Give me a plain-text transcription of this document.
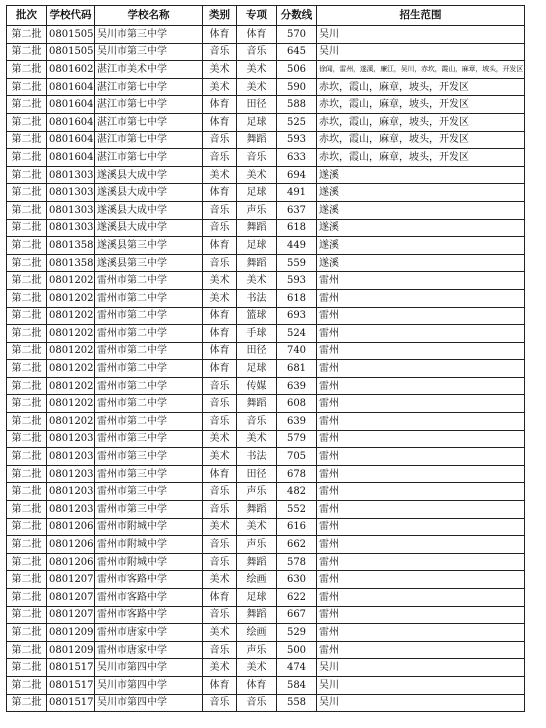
批次	学校代码	学校名称	类别	专项	分数线	招生范围
第二批	0801505	吴川市第三中学	体育	体育	570	吴川
第二批	0801505	吴川市第三中学	音乐	音乐	645	吴川
第二批	0801602	湛江市美术中学	美术	美术	506	徐闻，雷州，遂溪，廉江，吴川，赤坎，霞山，麻章，坡头，开发区
第二批	0801604	湛江市第七中学	美术	美术	590	赤坎，霞山，麻章，坡头，开发区
第二批	0801604	湛江市第七中学	体育	田径	588	赤坎，霞山，麻章，坡头，开发区
第二批	0801604	湛江市第七中学	体育	足球	525	赤坎，霞山，麻章，坡头，开发区
第二批	0801604	湛江市第七中学	音乐	舞蹈	593	赤坎，霞山，麻章，坡头，开发区
第二批	0801604	湛江市第七中学	音乐	音乐	633	赤坎，霞山，麻章，坡头，开发区
第二批	0801303	遂溪县大成中学	美术	美术	694	遂溪
第二批	0801303	遂溪县大成中学	体育	足球	491	遂溪
第二批	0801303	遂溪县大成中学	音乐	声乐	637	遂溪
第二批	0801303	遂溪县大成中学	音乐	舞蹈	618	遂溪
第二批	0801358	遂溪县第三中学	体育	足球	449	遂溪
第二批	0801358	遂溪县第三中学	音乐	舞蹈	559	遂溪
第二批	0801202	雷州市第二中学	美术	美术	593	雷州
第二批	0801202	雷州市第二中学	美术	书法	618	雷州
第二批	0801202	雷州市第二中学	体育	篮球	693	雷州
第二批	0801202	雷州市第二中学	体育	手球	524	雷州
第二批	0801202	雷州市第二中学	体育	田径	740	雷州
第二批	0801202	雷州市第二中学	体育	足球	681	雷州
第二批	0801202	雷州市第二中学	音乐	传媒	639	雷州
第二批	0801202	雷州市第二中学	音乐	舞蹈	608	雷州
第二批	0801202	雷州市第二中学	音乐	音乐	639	雷州
第二批	0801203	雷州市第三中学	美术	美术	579	雷州
第二批	0801203	雷州市第三中学	美术	书法	705	雷州
第二批	0801203	雷州市第三中学	体育	田径	678	雷州
第二批	0801203	雷州市第三中学	音乐	声乐	482	雷州
第二批	0801203	雷州市第三中学	音乐	舞蹈	552	雷州
第二批	0801206	雷州市附城中学	美术	美术	616	雷州
第二批	0801206	雷州市附城中学	音乐	声乐	662	雷州
第二批	0801206	雷州市附城中学	音乐	舞蹈	578	雷州
第二批	0801207	雷州市客路中学	美术	绘画	630	雷州
第二批	0801207	雷州市客路中学	体育	足球	622	雷州
第二批	0801207	雷州市客路中学	音乐	舞蹈	667	雷州
第二批	0801209	雷州市唐家中学	美术	绘画	529	雷州
第二批	0801209	雷州市唐家中学	音乐	声乐	500	雷州
第二批	0801517	吴川市第四中学	美术	美术	474	吴川
第二批	0801517	吴川市第四中学	体育	体育	584	吴川
第二批	0801517	吴川市第四中学	音乐	音乐	558	吴川
